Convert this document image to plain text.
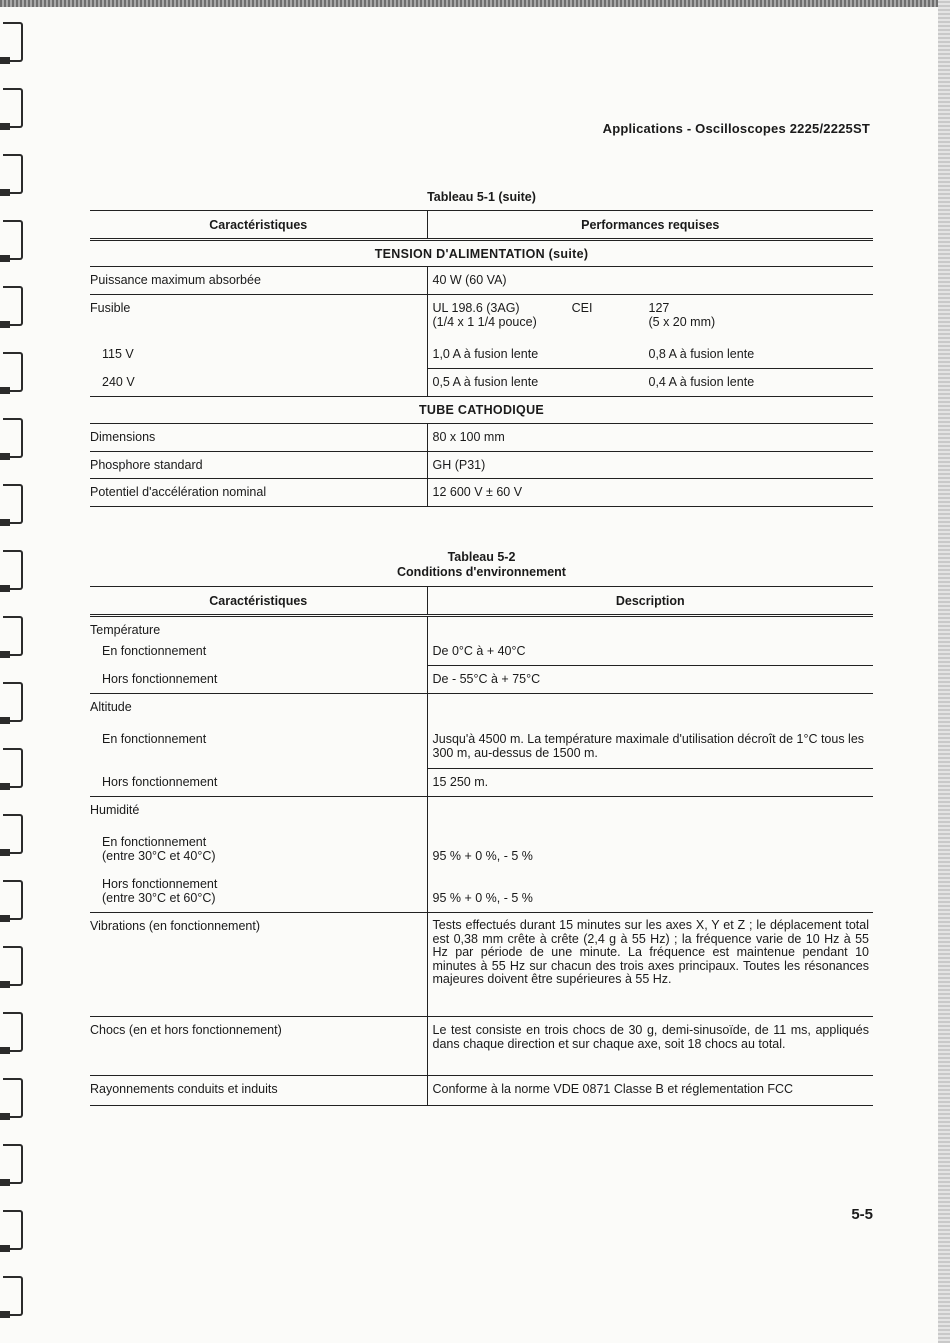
Applications - Oscilloscopes 2225/2225ST
Tableau 5-1 (suite)
Caractéristiques	Performances requises
TENSION D'ALIMENTATION (suite)	
Puissance maximum absorbée	40 W (60 VA)
Fusible	UL 198.6 (3AG) CEI 127
(1/4 x 1 1/4 pouce) (5 x 20 mm)

115 V	1,0 A à fusion lente 0,8 A à fusion lente

240 V	0,5 A à fusion lente 0,4 A à fusion lente

TUBE CATHODIQUE	
Dimensions	80 x 100 mm
Phosphore standard	GH (P31)
Potentiel d'accélération nominal	12 600 V ± 60 V
Tableau 5-2
Conditions d'environnement
Caractéristiques	Description
Température	

En fonctionnement	De 0°C à + 40°C

Hors fonctionnement	De - 55°C à + 75°C
Altitude	

En fonctionnement	Jusqu'à 4500 m. La température maximale d'utilisation décroît de 1°C tous les 300 m, au-dessus de 1500 m.

Hors fonctionnement	15 250 m.
Humidité	

En fonctionnement
(entre 30°C et 40°C)	95 % + 0 %, - 5 %

Hors fonctionnement
(entre 30°C et 60°C)	95 % + 0 %, - 5 %
Vibrations (en fonctionnement)	Tests effectués durant 15 minutes sur les axes X, Y et Z ; le déplacement total est 0,38 mm crête à crête (2,4 g à 55 Hz) ; la fréquence varie de 10 Hz à 55 Hz par période de une minute. La fréquence est maintenue pendant 10 minutes à 55 Hz sur chacun des trois axes principaux. Toutes les résonances majeures doivent être supérieures à 55 Hz.
Chocs (en et hors fonctionnement)	Le test consiste en trois chocs de 30 g, demi-sinusoïde, de 11 ms, appliqués dans chaque direction et sur chaque axe, soit 18 chocs au total.
Rayonnements conduits et induits	Conforme à la norme VDE 0871 Classe B et réglementation FCC
5-5
